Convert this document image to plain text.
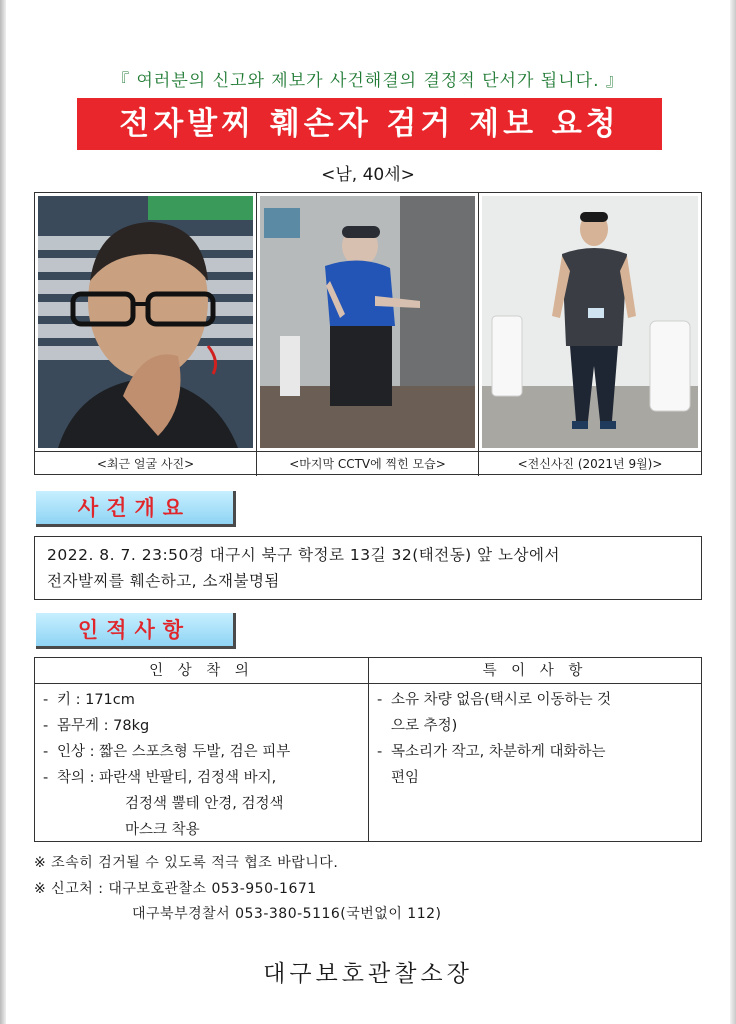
『 여러분의 신고와 제보가 사건해결의 결정적 단서가 됩니다. 』
전자발찌 훼손자 검거 제보 요청
<남, 40세>
<최근 얼굴 사진>	<마지막 CCTV에 찍힌 모습>	<전신사진 (2021년 9월)>
사건개요
2022. 8. 7. 23:50경 대구시 북구 학정로 13길 32(태전동) 앞 노상에서
전자발찌를 훼손하고, 소재불명됨
인적사항
인 상 착 의	특 이 사 항
- 키 : 171cm
- 몸무게 : 78kg
- 인상 : 짧은 스포츠형 두발, 검은 피부
- 착의 : 파란색 반팔티, 검정색 바지,
검정색 뿔테 안경, 검정색
마스크 착용
- 소유 차량 없음(택시로 이동하는 것
으로 추정)
- 목소리가 작고, 차분하게 대화하는
편임
※ 조속히 검거될 수 있도록 적극 협조 바랍니다.
※ 신고처 : 대구보호관찰소 053-950-1671
대구북부경찰서 053-380-5116(국번없이 112)
대구보호관찰소장
